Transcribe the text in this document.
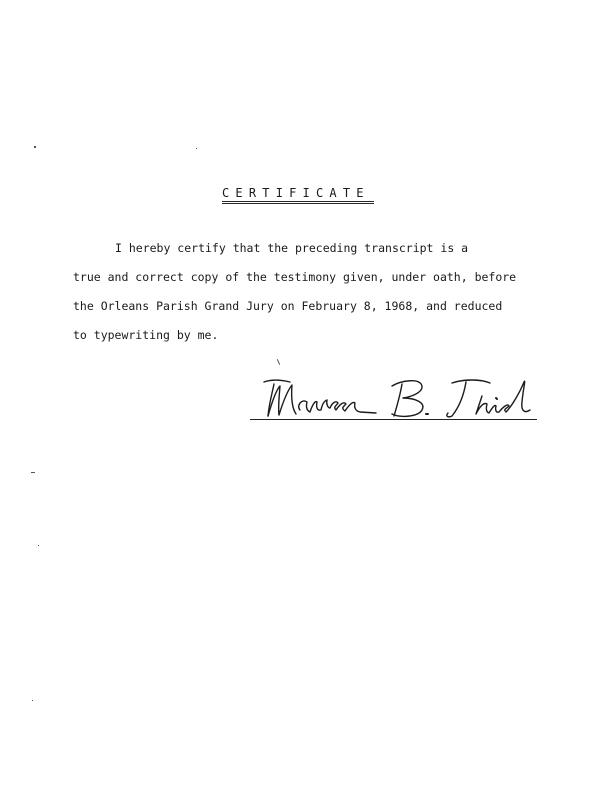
CERTIFICATE
I hereby certify that the preceding transcript is a
true and correct copy of the testimony given, under oath, before
the Orleans Parish Grand Jury on February 8, 1968, and reduced
to typewriting by me.
